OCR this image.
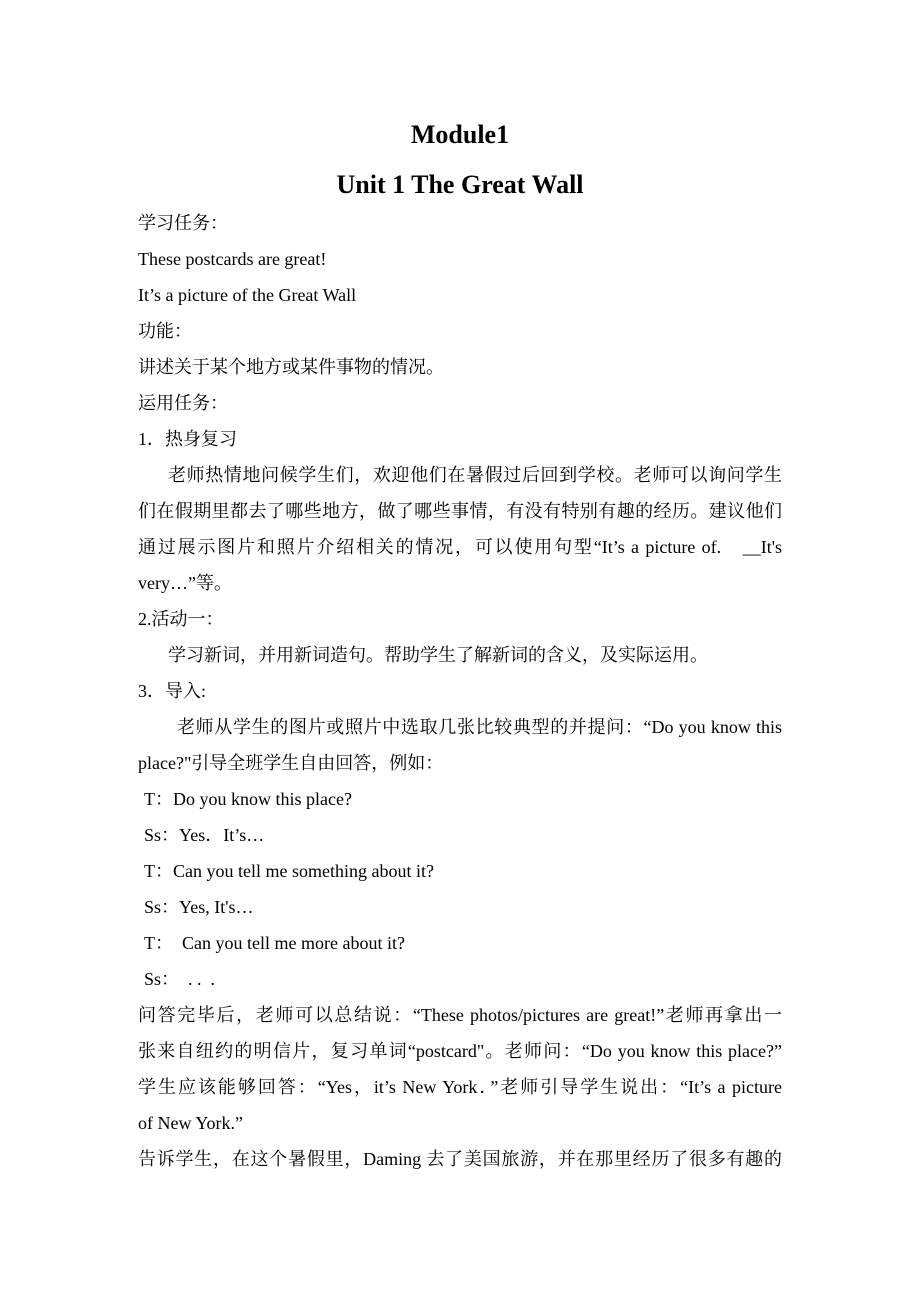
Module1
Unit 1 The Great Wall
学习任务：
These postcards are great!
It’s a picture of the Great Wall
功能：
讲述关于某个地方或某件事物的情况。
运用任务：
1．热身复习
老师热情地问候学生们，欢迎他们在暑假过后回到学校。老师可以询问学生
们在假期里都去了哪些地方，做了哪些事情，有没有特别有趣的经历。建议他们
通过展示图片和照片介绍相关的情况，可以使用句型“It’s a picture of.　__It's
very…”等。
2.活动一：
学习新词，并用新词造句。帮助学生了解新词的含义，及实际运用。
3．导入:
老师从学生的图片或照片中选取几张比较典型的并提问：“Do you know this
place?"引导全班学生自由回答，例如：
T：Do you know this place?
Ss：Yes．It’s…
T：Can you tell me something about it?
Ss：Yes, It's…
T：  Can you tell me more about it?
Ss：  . .  .
问答完毕后，老师可以总结说：“These photos/pictures are great!”老师再拿出一
张来自纽约的明信片，复习单词“postcard"。老师问：“Do you know this place?”
学生应该能够回答：“Yes，it’s New York．”老师引导学生说出：“It’s a picture
of New York.”
告诉学生，在这个暑假里，Daming 去了美国旅游，并在那里经历了很多有趣的
